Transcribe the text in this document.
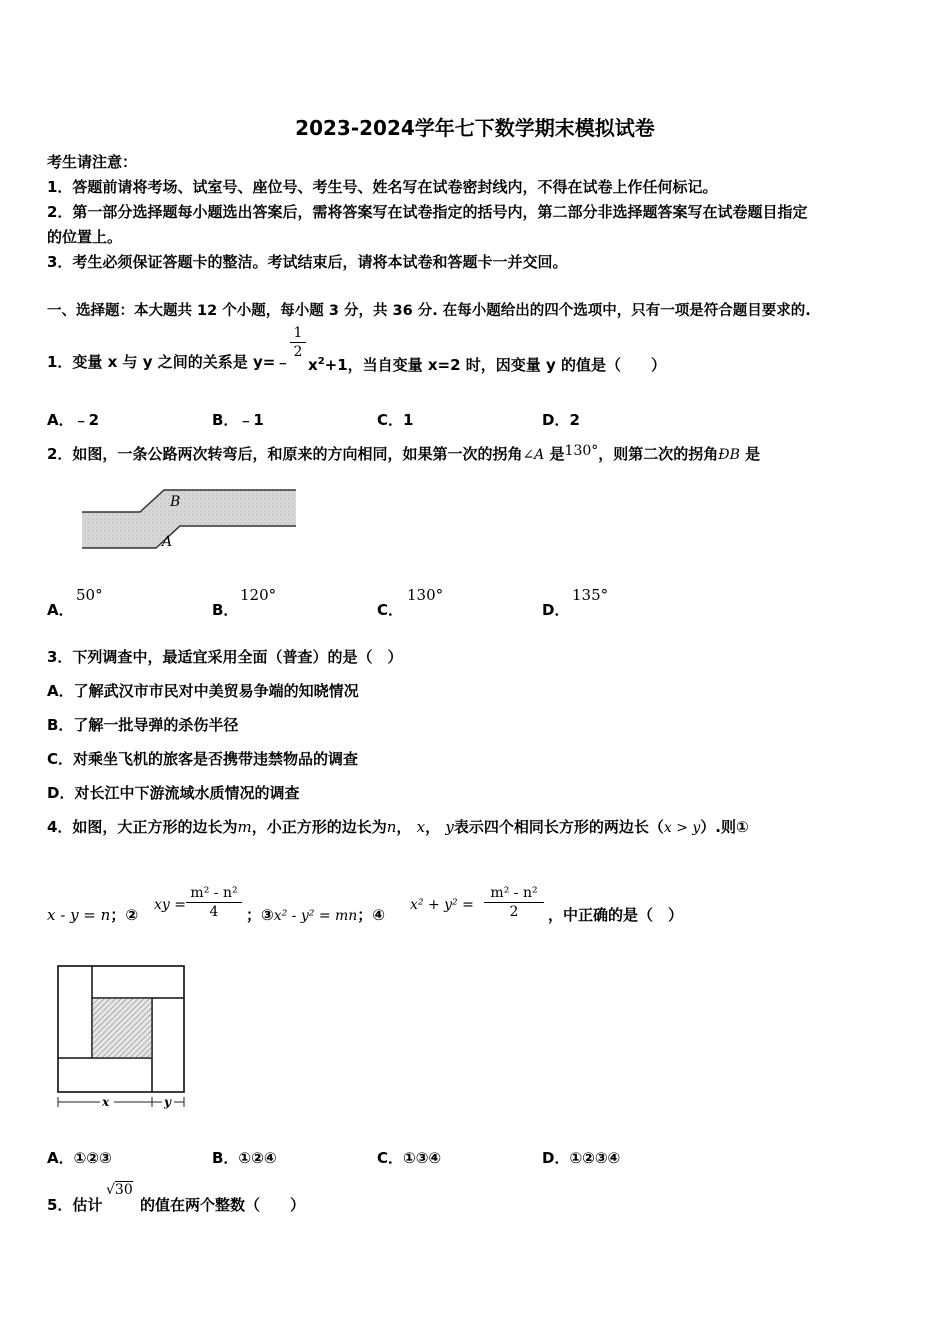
2023-2024学年七下数学期末模拟试卷
考生请注意：
1．答题前请将考场、试室号、座位号、考生号、姓名写在试卷密封线内，不得在试卷上作任何标记。
2．第一部分选择题每小题选出答案后，需将答案写在试卷指定的括号内，第二部分非选择题答案写在试卷题目指定
的位置上。
3．考生必须保证答题卡的整洁。考试结束后，请将本试卷和答题卡一并交回。
一、选择题：本大题共 12 个小题，每小题 3 分，共 36 分. 在每小题给出的四个选项中，只有一项是符合题目要求的.
1．变量 x 与 y 之间的关系是 y=﹣
1
2
$x^2+1$，当自变量 x=2 时，因变量 y 的值是（　　）
A．﹣2	B．﹣1	C．1	D．2
2．如图，一条公路两次转弯后，和原来的方向相同，如果第一次的拐角∠A 是130°，则第二次的拐角ÐB 是
B
A
A．
50°
B．
120°
C．
130°
D．
135°
3．下列调查中，最适宜采用全面（普查）的是（　）
A．了解武汉市市民对中美贸易争端的知晓情况
B．了解一批导弹的杀伤半径
C．对乘坐飞机的旅客是否携带违禁物品的调查
D．对长江中下游流域水质情况的调查
4．如图，大正方形的边长为m，小正方形的边长为n， x， y表示四个相同长方形的两边长（x > y）.则①
x - y = n；②
xy =
m² - n²
4	；③x² - y² = mn；④
x² + y² =
m² - n²
2	，中正确的是（　）
x	y
A．①②③	B．①②④	C．①③④	D．①②③④
5．估计
√30
的值在两个整数（　　）
